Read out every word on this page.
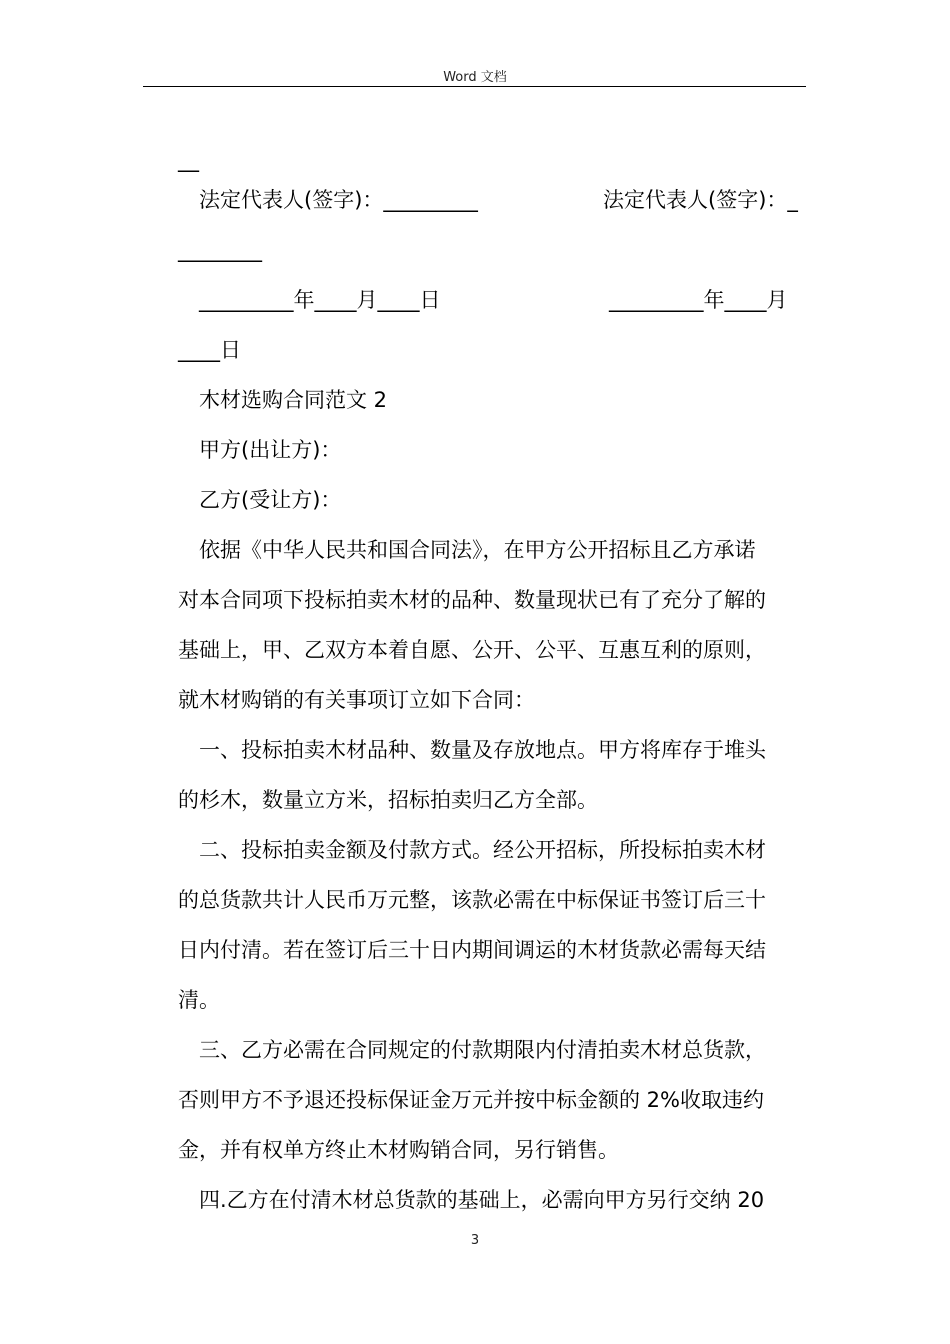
Word 文档
__
法定代表人(签字)：_________	法定代表人(签字)：_
________
_________年____月____日	_________年____月
____日
木材选购合同范文 2
甲方(出让方)：
乙方(受让方)：
依据《中华人民共和国合同法》，在甲方公开招标且乙方承诺
对本合同项下投标拍卖木材的品种、数量现状已有了充分了解的
基础上，甲、乙双方本着自愿、公开、公平、互惠互利的原则，
就木材购销的有关事项订立如下合同：
一、投标拍卖木材品种、数量及存放地点。甲方将库存于堆头
的杉木，数量立方米，招标拍卖归乙方全部。
二、投标拍卖金额及付款方式。经公开招标，所投标拍卖木材
的总货款共计人民币万元整，该款必需在中标保证书签订后三十
日内付清。若在签订后三十日内期间调运的木材货款必需每天结
清。
三、乙方必需在合同规定的付款期限内付清拍卖木材总货款，
否则甲方不予退还投标保证金万元并按中标金额的 2%收取违约
金，并有权单方终止木材购销合同，另行销售。
四.乙方在付清木材总货款的基础上，必需向甲方另行交纳 20
3
